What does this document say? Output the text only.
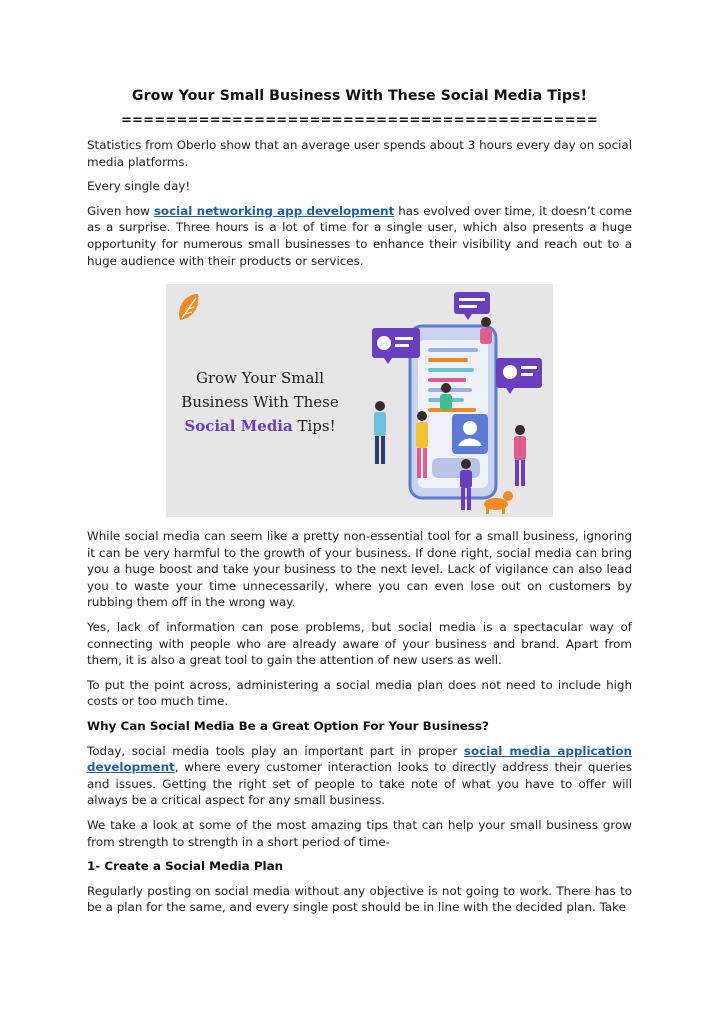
Grow Your Small Business With These Social Media Tips!
===========================================

Statistics from Oberlo show that an average user spends about 3 hours every day on social media platforms.

Every single day!

Given how social networking app development has evolved over time, it doesn’t come as a surprise. Three hours is a lot of time for a single user, which also presents a huge opportunity for numerous small businesses to enhance their visibility and reach out to a huge audience with their products or services.

Grow Your Small
Business With These
Social Media Tips!

While social media can seem like a pretty non-essential tool for a small business, ignoring it can be very harmful to the growth of your business. If done right, social media can bring you a huge boost and take your business to the next level. Lack of vigilance can also lead you to waste your time unnecessarily, where you can even lose out on customers by rubbing them off in the wrong way.

Yes, lack of information can pose problems, but social media is a spectacular way of connecting with people who are already aware of your business and brand. Apart from them, it is also a great tool to gain the attention of new users as well.

To put the point across, administering a social media plan does not need to include high costs or too much time.

Why Can Social Media Be a Great Option For Your Business?

Today, social media tools play an important part in proper social media application development, where every customer interaction looks to directly address their queries and issues. Getting the right set of people to take note of what you have to offer will always be a critical aspect for any small business.

We take a look at some of the most amazing tips that can help your small business grow from strength to strength in a short period of time-

1- Create a Social Media Plan

Regularly posting on social media without any objective is not going to work. There has to be a plan for the same, and every single post should be in line with the decided plan. Take
